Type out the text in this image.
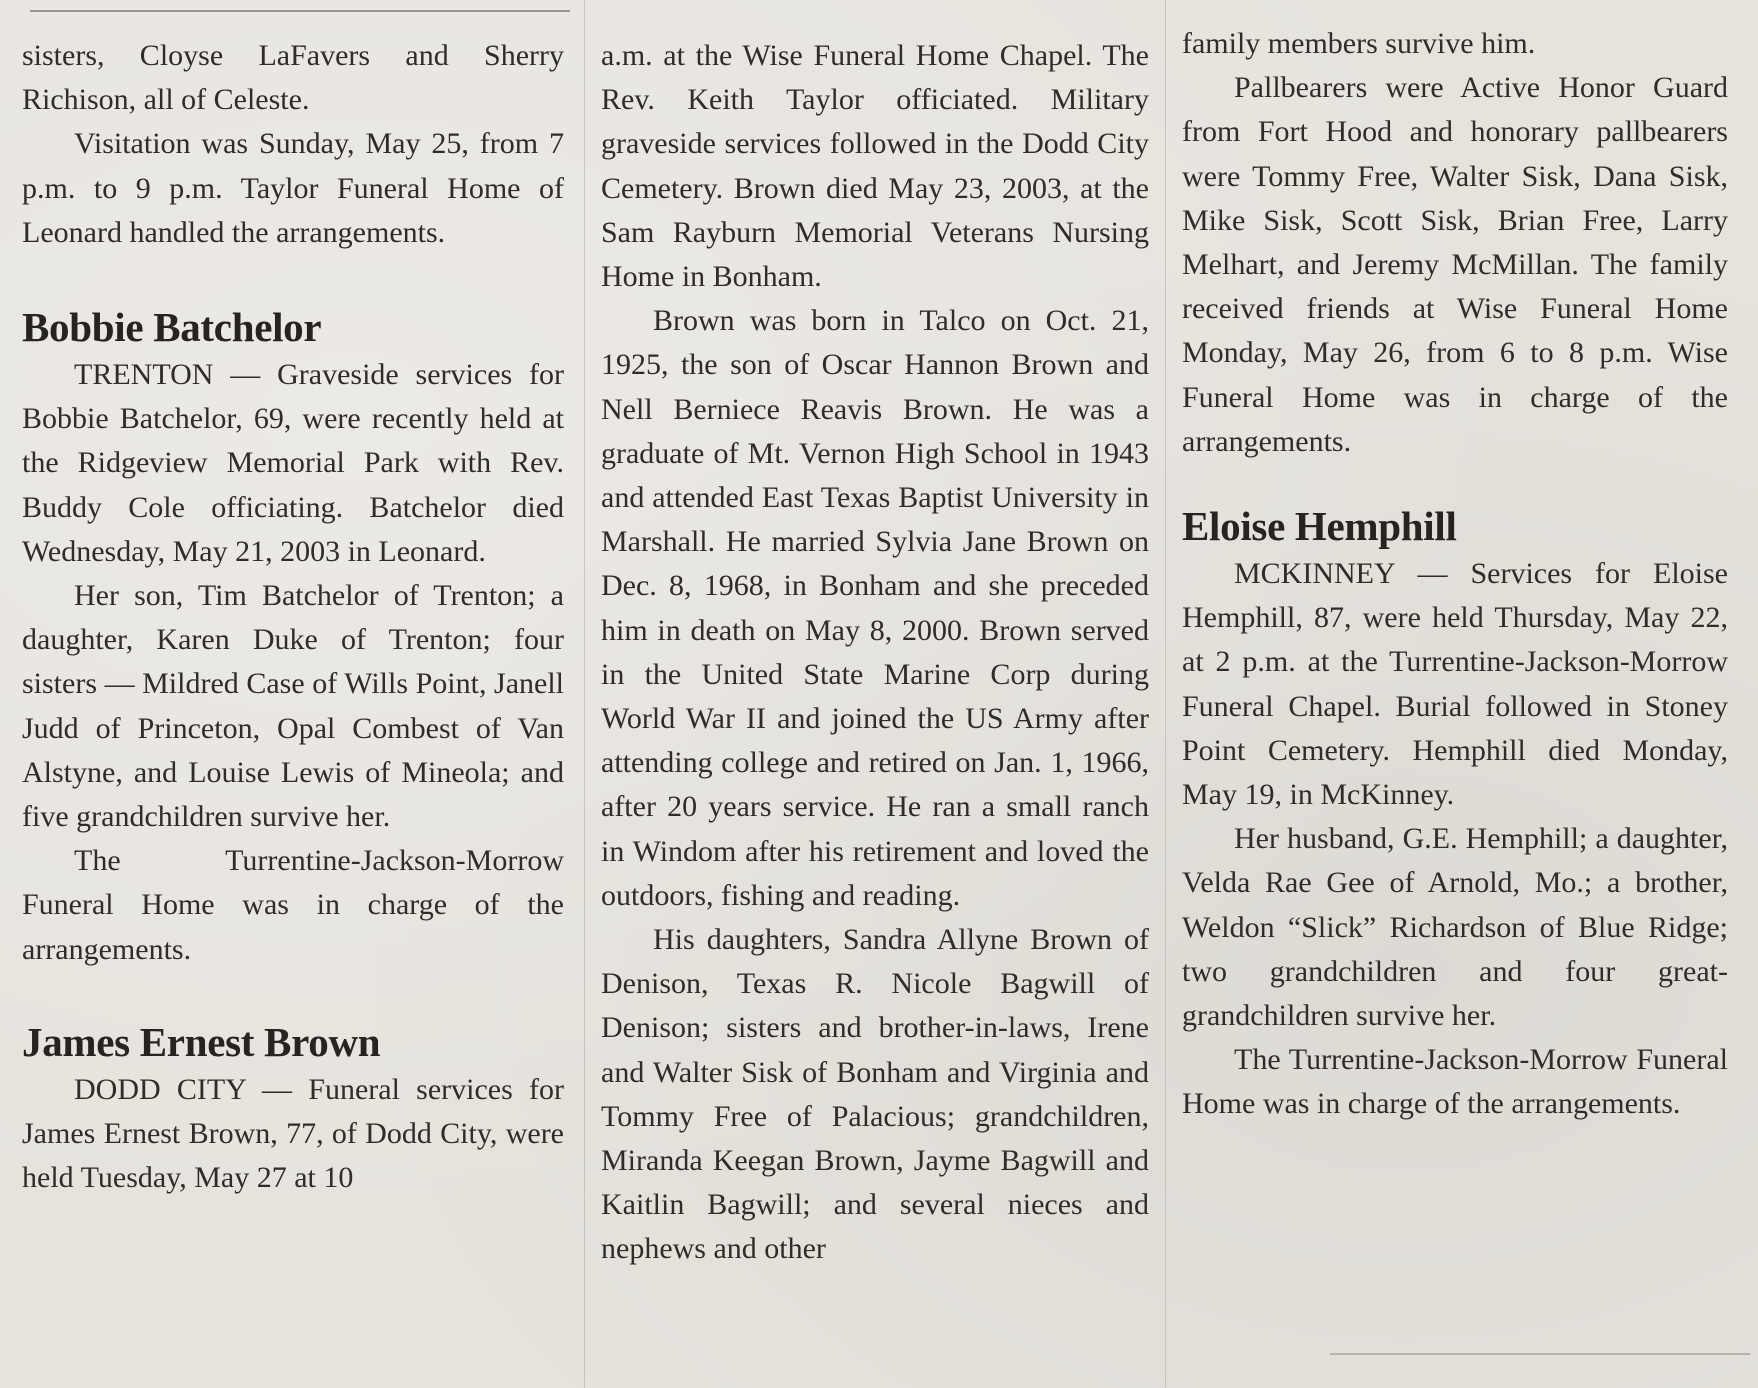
sisters, Cloyse LaFavers and Sherry Richison, all of Celeste.

Visitation was Sunday, May 25, from 7 p.m. to 9 p.m. Taylor Funeral Home of Leonard handled the arrangements.

Bobbie Batchelor

TRENTON — Graveside services for Bobbie Batchelor, 69, were recently held at the Ridgeview Memorial Park with Rev. Buddy Cole officiating. Batchelor died Wednesday, May 21, 2003 in Leonard.

Her son, Tim Batchelor of Trenton; a daughter, Karen Duke of Trenton; four sisters — Mildred Case of Wills Point, Janell Judd of Princeton, Opal Combest of Van Alstyne, and Louise Lewis of Mineola; and five grandchildren survive her.

The Turrentine-Jackson-Morrow Funeral Home was in charge of the arrangements.

James Ernest Brown

DODD CITY — Funeral services for James Ernest Brown, 77, of Dodd City, were held Tuesday, May 27 at 10

a.m. at the Wise Funeral Home Chapel. The Rev. Keith Taylor officiated. Military graveside services followed in the Dodd City Cemetery. Brown died May 23, 2003, at the Sam Rayburn Memorial Veterans Nursing Home in Bonham.

Brown was born in Talco on Oct. 21, 1925, the son of Oscar Hannon Brown and Nell Berniece Reavis Brown. He was a graduate of Mt. Vernon High School in 1943 and attended East Texas Baptist University in Marshall. He married Sylvia Jane Brown on Dec. 8, 1968, in Bonham and she preceded him in death on May 8, 2000. Brown served in the United State Marine Corp during World War II and joined the US Army after attending college and retired on Jan. 1, 1966, after 20 years service. He ran a small ranch in Windom after his retirement and loved the outdoors, fishing and reading.

His daughters, Sandra Allyne Brown of Denison, Texas R. Nicole Bagwill of Denison; sisters and brother-in-laws, Irene and Walter Sisk of Bonham and Virginia and Tommy Free of Palacious; grandchildren, Miranda Keegan Brown, Jayme Bagwill and Kaitlin Bagwill; and several nieces and nephews and other

family members survive him.

Pallbearers were Active Honor Guard from Fort Hood and honorary pallbearers were Tommy Free, Walter Sisk, Dana Sisk, Mike Sisk, Scott Sisk, Brian Free, Larry Melhart, and Jeremy McMillan. The family received friends at Wise Funeral Home Monday, May 26, from 6 to 8 p.m. Wise Funeral Home was in charge of the arrangements.

Eloise Hemphill

MCKINNEY — Services for Eloise Hemphill, 87, were held Thursday, May 22, at 2 p.m. at the Turrentine-Jackson-Morrow Funeral Chapel. Burial followed in Stoney Point Cemetery. Hemphill died Monday, May 19, in McKinney.

Her husband, G.E. Hemphill; a daughter, Velda Rae Gee of Arnold, Mo.; a brother, Weldon “Slick” Richardson of Blue Ridge; two grandchildren and four great-grandchildren survive her.

The Turrentine-Jackson-Morrow Funeral Home was in charge of the arrangements.
